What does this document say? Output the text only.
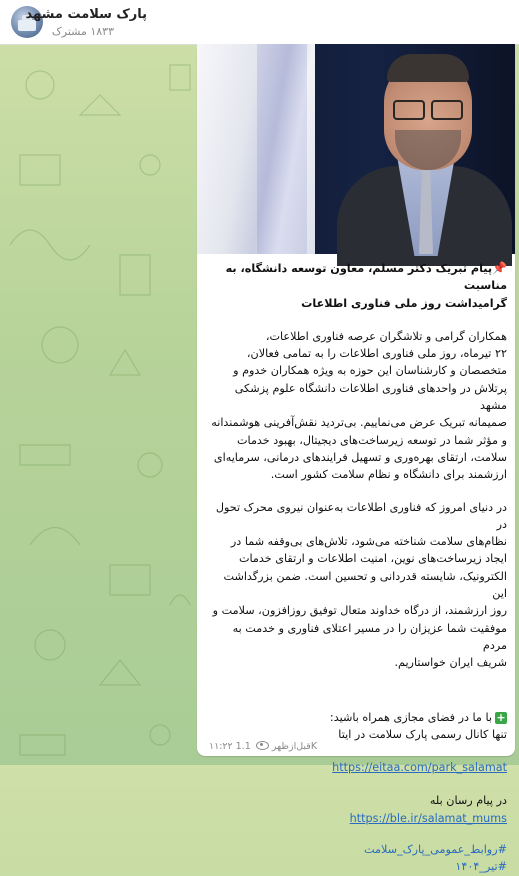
پارک سلامت مشهد
۱۸۳۳ مشترک

📌پیام تبریک دکتر مسلم، معاون توسعه دانشگاه، به مناسبت

گرامیداشت روز ملی فناوری اطلاعات

همکاران گرامی و تلاشگران عرصه فناوری اطلاعات،

۲۲ تیرماه، روز ملی فناوری اطلاعات را به تمامی فعالان،

متخصصان و کارشناسان این حوزه به ویژه همکاران خدوم و

پرتلاش در واحدهای فناوری اطلاعات دانشگاه علوم پزشکی مشهد

صمیمانه تبریک عرض می‌نماییم. بی‌تردید نقش‌آفرینی هوشمندانه

و مؤثر شما در توسعه زیرساخت‌های دیجیتال، بهبود خدمات

سلامت، ارتقای بهره‌وری و تسهیل فرایندهای درمانی، سرمایه‌ای

ارزشمند برای دانشگاه و نظام سلامت کشور است.

در دنیای امروز که فناوری اطلاعات به‌عنوان نیروی محرک تحول در

نظام‌های سلامت شناخته می‌شود، تلاش‌های بی‌وقفه شما در

ایجاد زیرساخت‌های نوین، امنیت اطلاعات و ارتقای خدمات

الکترونیک، شایسته قدردانی و تحسین است. ضمن بزرگداشت این

روز ارزشمند، از درگاه خداوند متعال توفیق روزافزون، سلامت و

موفقیت شما عزیزان را در مسیر اعتلای فناوری و خدمت به مردم

شریف ایران خواستاریم.

+با ما در فضای مجازی همراه باشید:

تنها کانال رسمی پارک سلامت در ایتا

https://eitaa.com/park_salamat

در پیام رسان بله

https://ble.ir/salamat_mums

#روابط_عمومی_پارک_سلامت

#تیر_۱۴۰۴

۱۱:۲۲ قبل‌ازظهر  1.1K
